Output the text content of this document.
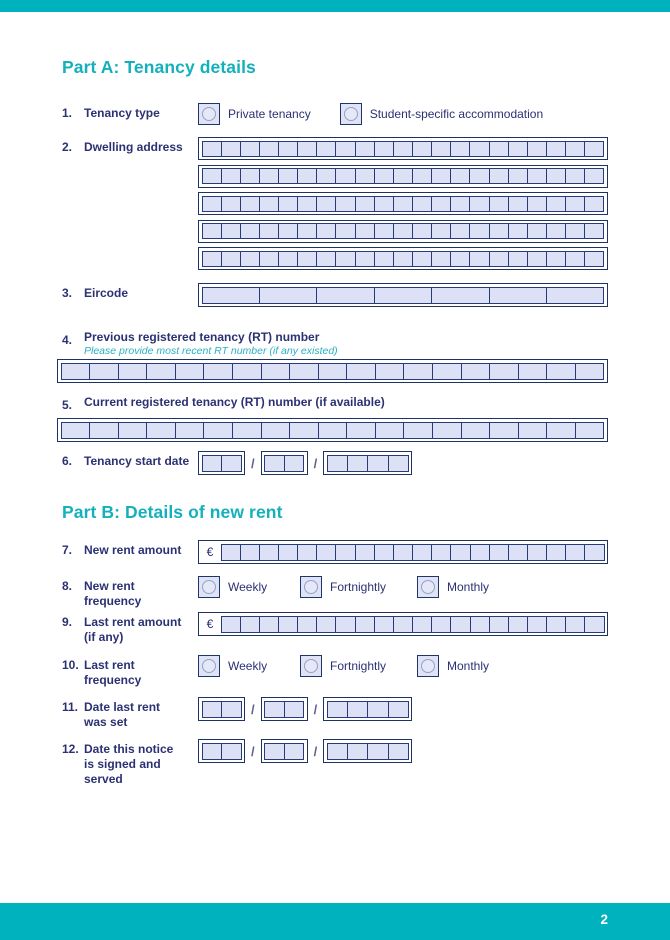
Part A: Tenancy details
1. Tenancy type	Private tenancy	Student-specific accommodation
2. Dwelling address
3. Eircode
4. Previous registered tenancy (RT) number
Please provide most recent RT number (if any existed)
5. Current registered tenancy (RT) number (if available)
6. Tenancy start date	/	/
Part B: Details of new rent
7. New rent amount	€
8. New rent frequency
Weekly	Fortnightly	Monthly
9. Last rent amount (if any)
€
10. Last rent frequency
Weekly	Fortnightly	Monthly
11. Date last rent was set
/	/
12. Date this notice is signed and served
/	/
2
